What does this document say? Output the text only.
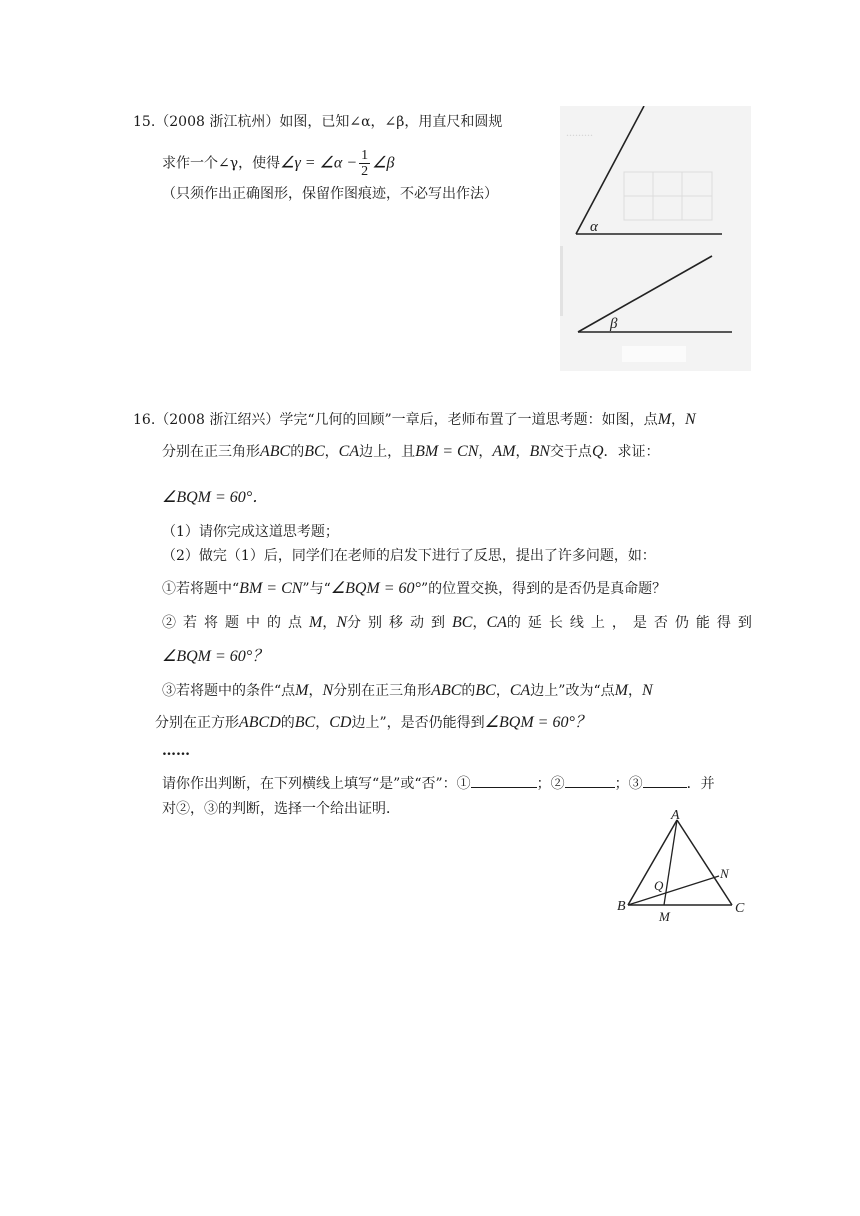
15.（2008 浙江杭州）如图，已知∠α，∠β，用直尺和圆规
求作一个∠γ，使得∠γ = ∠α − $\frac{1}{2}$ ∠β
（只须作出正确图形，保留作图痕迹，不必写出作法）
.........
α
β
16.（2008 浙江绍兴）学完“几何的回顾”一章后，老师布置了一道思考题：如图，点M，N
分别在正三角形ABC的BC，CA边上，且BM = CN，AM，BN交于点Q．求证：
∠BQM = 60°．
（1）请你完成这道思考题；
（2）做完（1）后，同学们在老师的启发下进行了反思，提出了许多问题，如：
①若将题中“BM = CN”与“∠BQM = 60°”的位置交换，得到的是否仍是真命题？
②若将题中的点M，N分别移动到BC，CA的延长线上，是否仍能得到
∠BQM = 60°？
③若将题中的条件“点M，N分别在正三角形ABC的BC，CA边上”改为“点M，N
分别在正方形ABCD的BC，CD边上”，是否仍能得到∠BQM = 60°？
……
请你作出判断，在下列横线上填写“是”或“否”：①	；②	；③	．并
对②，③的判断，选择一个给出证明．	A
B	C
M
N
Q
